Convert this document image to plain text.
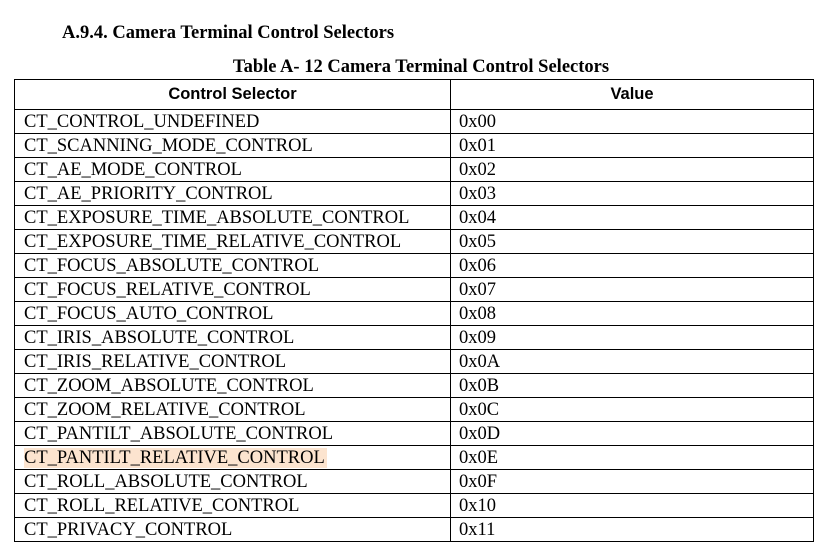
A.9.4. Camera Terminal Control Selectors
Table A- 12 Camera Terminal Control Selectors
Control Selector	Value
CT_CONTROL_UNDEFINED	0x00
CT_SCANNING_MODE_CONTROL	0x01
CT_AE_MODE_CONTROL	0x02
CT_AE_PRIORITY_CONTROL	0x03
CT_EXPOSURE_TIME_ABSOLUTE_CONTROL	0x04
CT_EXPOSURE_TIME_RELATIVE_CONTROL	0x05
CT_FOCUS_ABSOLUTE_CONTROL	0x06
CT_FOCUS_RELATIVE_CONTROL	0x07
CT_FOCUS_AUTO_CONTROL	0x08
CT_IRIS_ABSOLUTE_CONTROL	0x09
CT_IRIS_RELATIVE_CONTROL	0x0A
CT_ZOOM_ABSOLUTE_CONTROL	0x0B
CT_ZOOM_RELATIVE_CONTROL	0x0C
CT_PANTILT_ABSOLUTE_CONTROL	0x0D
CT_PANTILT_RELATIVE_CONTROL	0x0E
CT_ROLL_ABSOLUTE_CONTROL	0x0F
CT_ROLL_RELATIVE_CONTROL	0x10
CT_PRIVACY_CONTROL	0x11
